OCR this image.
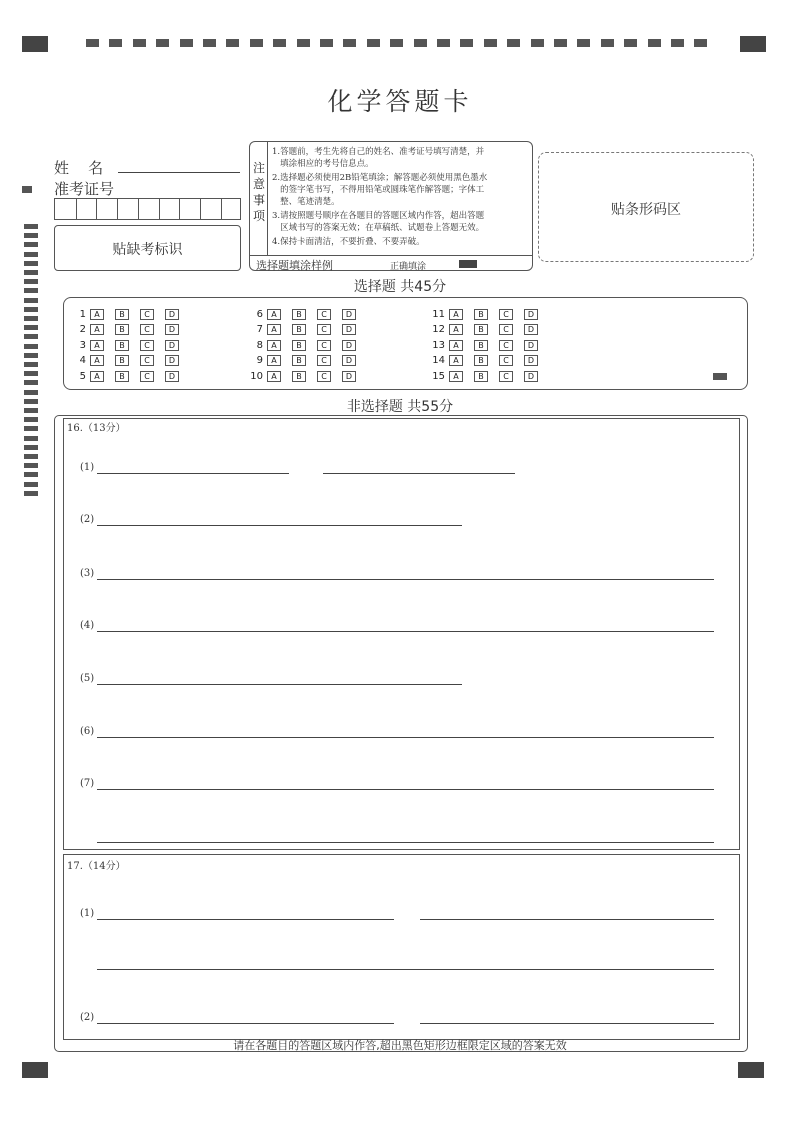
化学答题卡
姓    名
准考证号
贴缺考标识
注
意
事
项
1.答题前，考生先将自己的姓名、准考证号填写清楚，并
填涂相应的考号信息点。
2.选择题必须使用2B铅笔填涂；解答题必须使用黑色墨水
的签字笔书写，不得用铅笔或圆珠笔作解答题；字体工
整、笔迹清楚。
3.请按照题号顺序在各题目的答题区域内作答，超出答题
区域书写的答案无效；在草稿纸、试题卷上答题无效。
4.保持卡面清洁，不要折叠、不要弄破。
选择题填涂样例	正确填涂
贴条形码区
选择题 共45分
1	A	B	C	D
2	A	B	C	D
3	A	B	C	D
4	A	B	C	D
5	A	B	C	D
6	A	B	C	D
7	A	B	C	D
8	A	B	C	D
9	A	B	C	D
10	A	B	C	D
11	A	B	C	D
12	A	B	C	D
13	A	B	C	D
14	A	B	C	D
15	A	B	C	D
非选择题 共55分
16.（13分）
(1)
(2)
(3)
(4)
(5)
(6)
(7)
17.（14分）
(1)
(2)
请在各题目的答题区域内作答,超出黑色矩形边框限定区域的答案无效
